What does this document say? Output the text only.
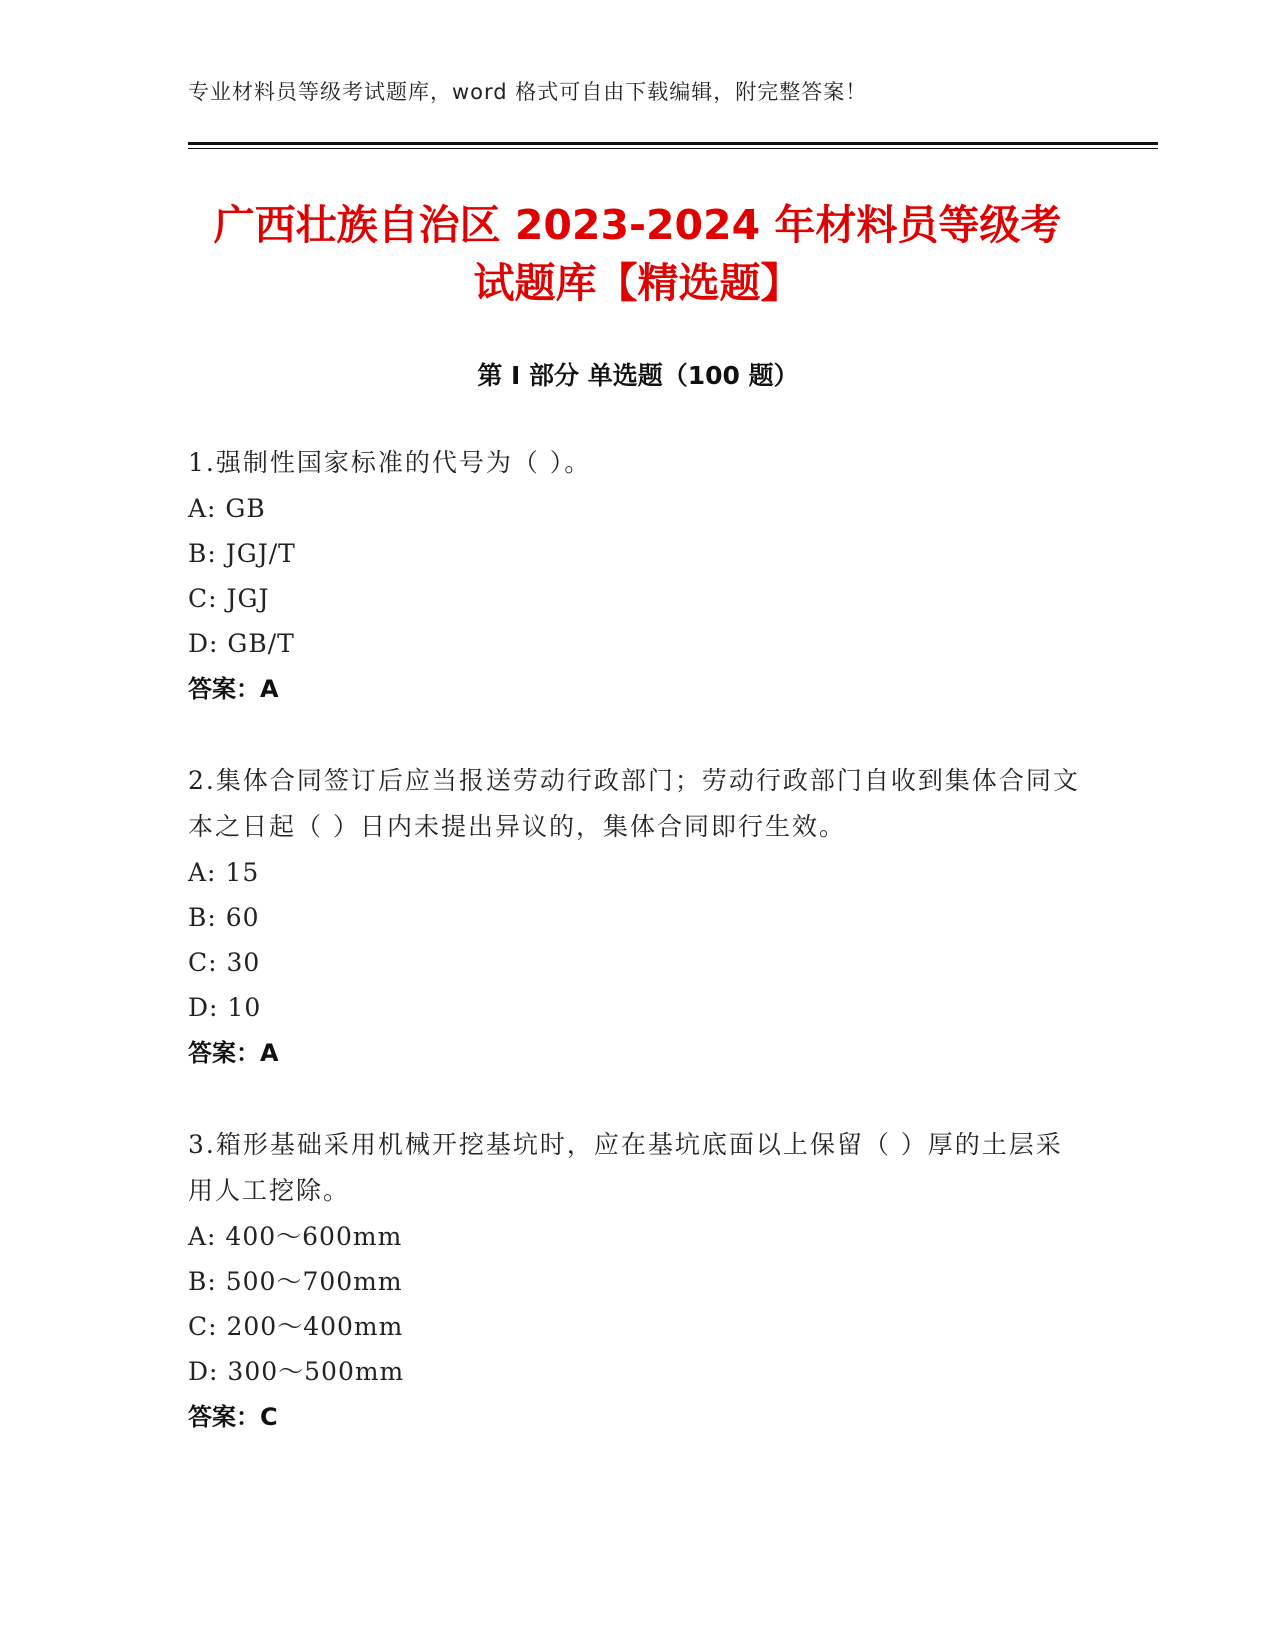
专业材料员等级考试题库，word 格式可自由下载编辑，附完整答案！
广西壮族自治区 2023-2024 年材料员等级考
试题库【精选题】
第 I 部分 单选题（100 题）
1.强制性国家标准的代号为（ ）。
A: GB
B: JGJ/T
C: JGJ
D: GB/T
答案：A
2.集体合同签订后应当报送劳动行政部门；劳动行政部门自收到集体合同文本之日起（ ）日内未提出异议的，集体合同即行生效。
A: 15
B: 60
C: 30
D: 10
答案：A
3.箱形基础采用机械开挖基坑时，应在基坑底面以上保留（ ）厚的土层采用人工挖除。
A: 400～600mm
B: 500～700mm
C: 200～400mm
D: 300～500mm
答案：C
